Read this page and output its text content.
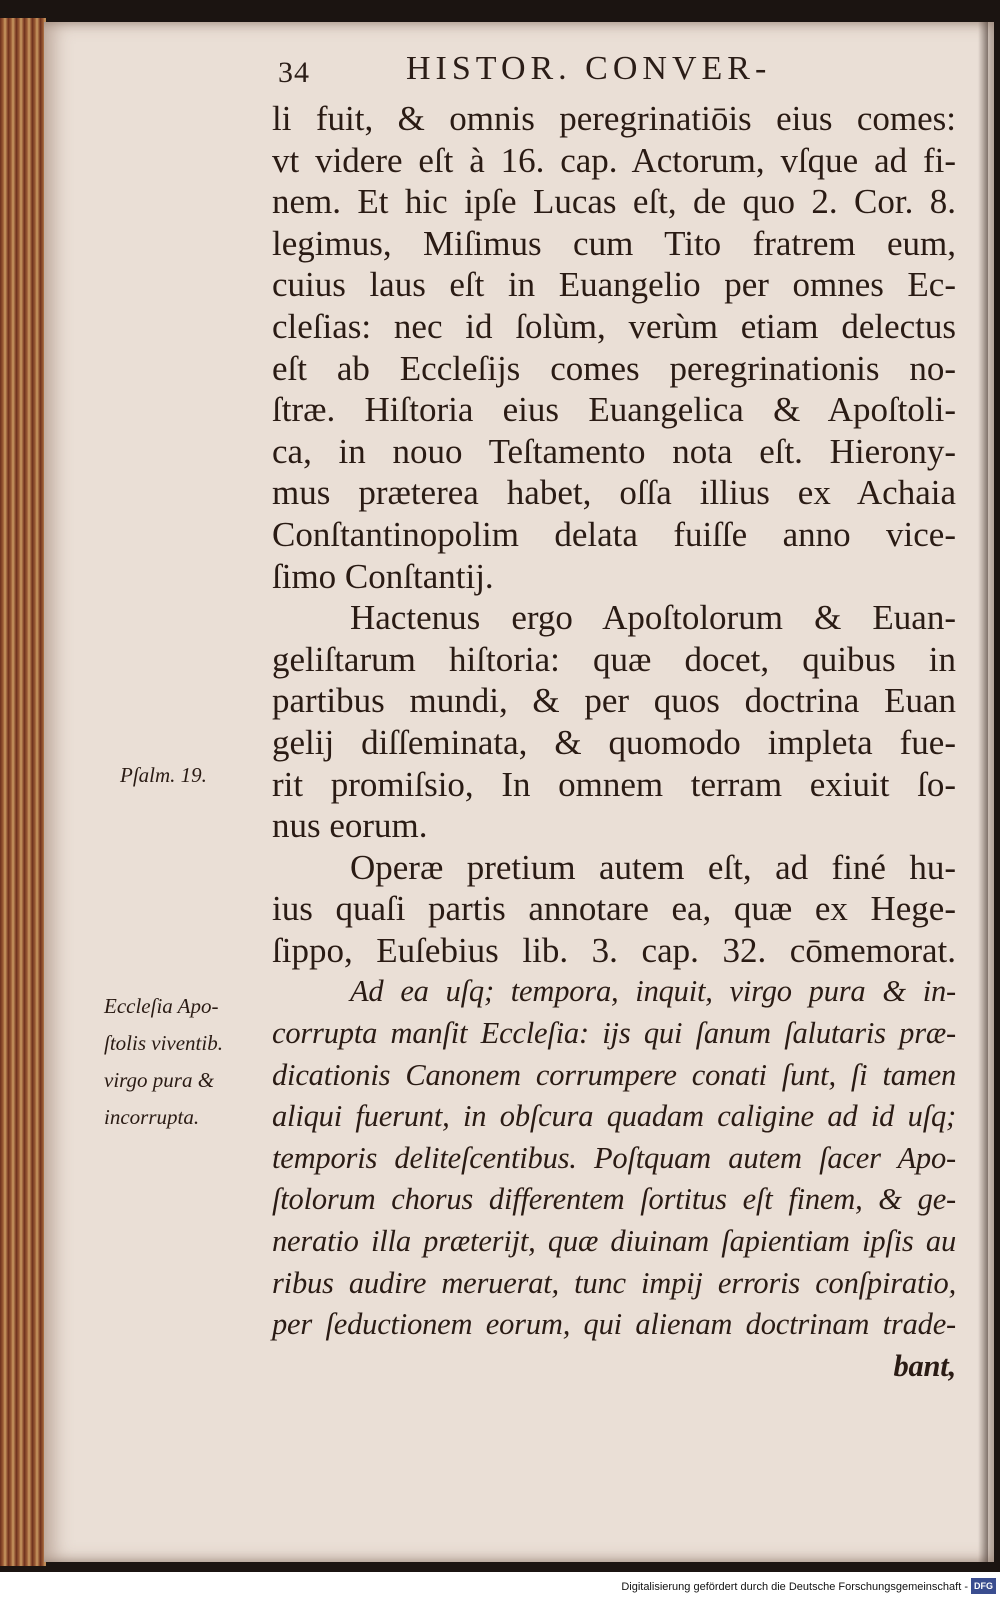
34	HISTOR. CONVER-
li fuit, & omnis peregrinatiōis eius comes:
vt videre eſt à 16. cap. Actorum, vſque ad fi-
nem. Et hic ipſe Lucas eſt, de quo 2. Cor. 8.
legimus, Miſimus cum Tito fratrem eum,
cuius laus eſt in Euangelio per omnes Ec-
cleſias: nec id ſolùm, verùm etiam delectus
eſt ab Eccleſijs comes peregrinationis no-
ſtræ. Hiſtoria eius Euangelica & Apoſtoli-
ca, in nouo Teſtamento nota eſt. Hierony-
mus præterea habet, oſſa illius ex Achaia
Conſtantinopolim delata fuiſſe anno vice-
ſimo Conſtantij.
Hactenus ergo Apoſtolorum & Euan-
geliſtarum hiſtoria: quæ docet, quibus in
partibus mundi, & per quos doctrina Euan
gelij diſſeminata, & quomodo impleta fue-
rit promiſsio, In omnem terram exiuit ſo-
nus eorum.
Operæ pretium autem eſt, ad finé hu-
ius quaſi partis annotare ea, quæ ex Hege-
ſippo, Euſebius lib. 3. cap. 32. cōmemorat.
Ad ea uſq; tempora, inquit, virgo pura & in-
corrupta manſit Eccleſia: ijs qui ſanum ſalutaris præ-
dicationis Canonem corrumpere conati ſunt, ſi tamen
aliqui fuerunt, in obſcura quadam caligine ad id uſq;
temporis deliteſcentibus. Poſtquam autem ſacer Apo-
ſtolorum chorus differentem ſortitus eſt finem, & ge-
neratio illa præterijt, quæ diuinam ſapientiam ipſis au
ribus audire meruerat, tunc impij erroris conſpiratio,
per ſeductionem eorum, qui alienam doctrinam trade-
bant,
Pſalm. 19.
Eccleſia Apo-
ſtolis viventib.
virgo pura &
incorrupta.
Digitalisierung gefördert durch die Deutsche Forschungsgemeinschaft - DFG
